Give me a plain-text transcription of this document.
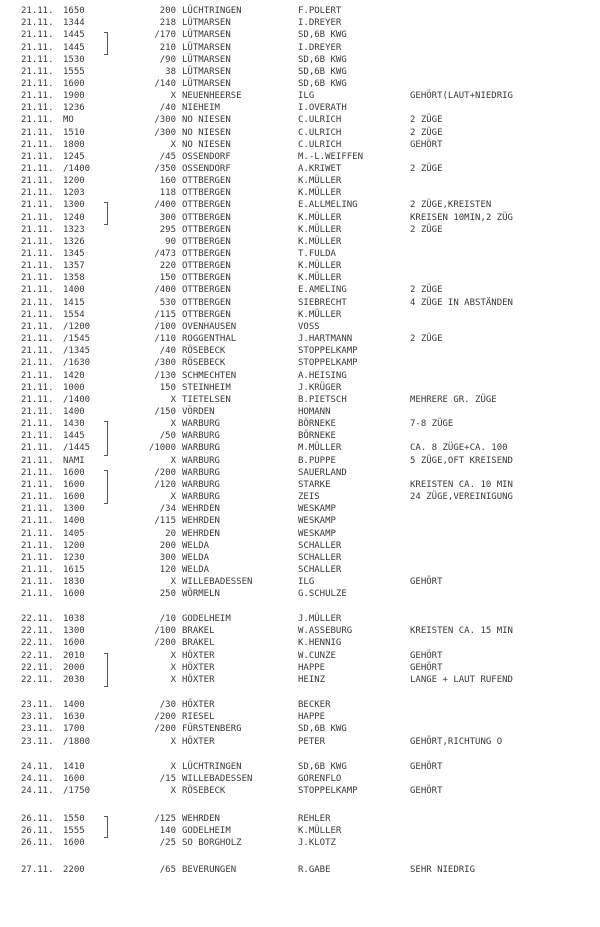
21.11. 1650	200 LÜCHTRINGEN	F.POLERT
21.11. 1344	218 LÜTMARSEN	I.DREYER
21.11. 1445	/170 LÜTMARSEN	SD,6B KWG
21.11. 1445	210 LÜTMARSEN	I.DREYER
21.11. 1530	/90 LÜTMARSEN	SD,6B KWG
21.11. 1555	38 LÜTMARSEN	SD,6B KWG
21.11. 1600	/140 LÜTMARSEN	SD,6B KWG
21.11. 1900	X NEUENHEERSE	ILG	GEHÖRT(LAUT+NIEDRIG
21.11. 1236	/40 NIEHEIM	I.OVERATH
21.11. MO	/300 NO NIESEN	C.ULRICH	2 ZÜGE
21.11. 1510	/300 NO NIESEN	C.ULRICH	2 ZÜGE
21.11. 1800	X NO NIESEN	C.ULRICH	GEHÖRT
21.11. 1245	/45 OSSENDORF	M.-L.WEIFFEN
21.11. /1400	/350 OSSENDORF	A.KRIWET	2 ZÜGE
21.11. 1200	160 OTTBERGEN	K.MÜLLER
21.11. 1203	118 OTTBERGEN	K.MÜLLER
21.11. 1300	/400 OTTBERGEN	E.ALLMELING	2 ZÜGE,KREISTEN
21.11. 1240	300 OTTBERGEN	K.MÜLLER	KREISEN 10MIN,2 ZÜG
21.11. 1323	295 OTTBERGEN	K.MÜLLER	2 ZÜGE
21.11. 1326	90 OTTBERGEN	K.MÜLLER
21.11. 1345	/473 OTTBERGEN	T.FULDA
21.11. 1357	220 OTTBERGEN	K.MÜLLER
21.11. 1358	150 OTTBERGEN	K.MÜLLER
21.11. 1400	/400 OTTBERGEN	E.AMELING	2 ZÜGE
21.11. 1415	530 OTTBERGEN	SIEBRECHT	4 ZÜGE IN ABSTÄNDEN
21.11. 1554	/115 OTTBERGEN	K.MÜLLER
21.11. /1200	/100 OVENHAUSEN	VOSS
21.11. /1545	/110 ROGGENTHAL	J.HARTMANN	2 ZÜGE
21.11. /1345	/40 RÖSEBECK	STOPPELKAMP
21.11. /1630	/300 RÖSEBECK	STOPPELKAMP
21.11. 1420	/130 SCHMECHTEN	A.HEISING
21.11. 1000	150 STEINHEIM	J.KRÜGER
21.11. /1400	X TIETELSEN	B.PIETSCH	MEHRERE GR. ZÜGE
21.11. 1400	/150 VÖRDEN	HOMANN
21.11. 1430	X WARBURG	BÖRNEKE	7-8 ZÜGE
21.11. 1445	/50 WARBURG	BÖRNEKE
21.11. /1445	/1000 WARBURG	M.MÜLLER	CA. 8 ZÜGE+CA. 100
21.11. NAMI	X WARBURG	B.PUPPE	5 ZÜGE,OFT KREISEND
21.11. 1600	/200 WARBURG	SAUERLAND
21.11. 1600	/120 WARBURG	STARKE	KREISTEN CA. 10 MIN
21.11. 1600	X WARBURG	ZEIS	24 ZÜGE,VEREINIGUNG
21.11. 1300	/34 WEHRDEN	WESKAMP
21.11. 1400	/115 WEHRDEN	WESKAMP
21.11. 1405	20 WEHRDEN	WESKAMP
21.11. 1200	200 WELDA	SCHALLER
21.11. 1230	300 WELDA	SCHALLER
21.11. 1615	120 WELDA	SCHALLER
21.11. 1830	X WILLEBADESSEN	ILG	GEHÖRT
21.11. 1600	250 WÖRMELN	G.SCHULZE
22.11. 1038	/10 GODELHEIM	J.MÜLLER
22.11. 1300	/100 BRAKEL	W.ASSEBURG	KREISTEN CA. 15 MIN
22.11. 1600	/200 BRAKEL	K.HENNIG
22.11. 2010	X HÖXTER	W.CUNZE	GEHÖRT
22.11. 2000	X HÖXTER	HAPPE	GEHÖRT
22.11. 2030	X HÖXTER	HEINZ	LANGE + LAUT RUFEND
23.11. 1400	/30 HÖXTER	BECKER
23.11. 1630	/200 RIESEL	HAPPE
23.11. 1700	/200 FÜRSTENBERG	SD,6B KWG
23.11. /1800	X HÖXTER	PETER	GEHÖRT,RICHTUNG O
24.11. 1410	X LÜCHTRINGEN	SD,6B KWG	GEHÖRT
24.11. 1600	/15 WILLEBADESSEN	GORENFLO
24.11. /1750	X RÖSEBECK	STOPPELKAMP	GEHÖRT
26.11. 1550	/125 WEHRDEN	REHLER
26.11. 1555	140 GODELHEIM	K.MÜLLER
26.11. 1600	/25 SO BORGHOLZ	J.KLOTZ
27.11. 2200	/65 BEVERUNGEN	R.GABE	SEHR NIEDRIG
